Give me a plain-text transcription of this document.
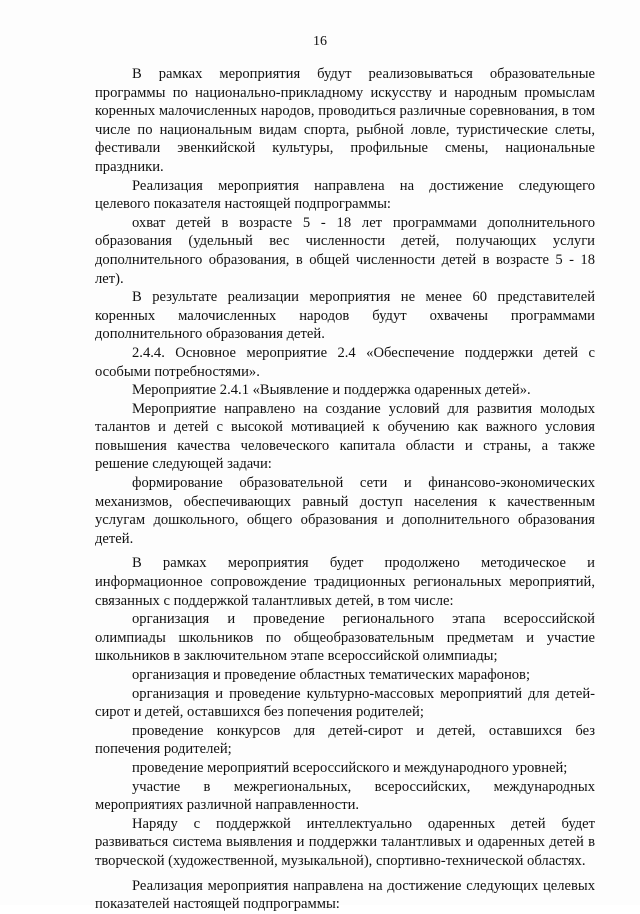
16

В рамках мероприятия будут реализовываться образовательные программы по национально-прикладному искусству и народным промыслам коренных малочисленных народов, проводиться различные соревнования, в том числе по национальным видам спорта, рыбной ловле, туристические слеты, фестивали эвенкийской культуры, профильные смены, национальные праздники.

Реализация мероприятия направлена на достижение следующего целевого показателя настоящей подпрограммы:

охват детей в возрасте 5 - 18 лет программами дополнительного образования (удельный вес численности детей, получающих услуги дополнительного образования, в общей численности детей в возрасте 5 - 18 лет).

В результате реализации мероприятия не менее 60 представителей коренных малочисленных народов будут охвачены программами дополнительного образования детей.

2.4.4. Основное мероприятие 2.4 «Обеспечение поддержки детей с особыми потребностями».

Мероприятие 2.4.1 «Выявление и поддержка одаренных детей».

Мероприятие направлено на создание условий для развития молодых талантов и детей с высокой мотивацией к обучению как важного условия повышения качества человеческого капитала области и страны, а также решение следующей задачи:

формирование образовательной сети и финансово-экономических механизмов, обеспечивающих равный доступ населения к качественным услугам дошкольного, общего образования и дополнительного образования детей.

В рамках мероприятия будет продолжено методическое и информационное сопровождение традиционных региональных мероприятий, связанных с поддержкой талантливых детей, в том числе:

организация и проведение регионального этапа всероссийской олимпиады школьников по общеобразовательным предметам и участие школьников в заключительном этапе всероссийской олимпиады;

организация и проведение областных тематических марафонов;

организация и проведение культурно-массовых мероприятий для детей-сирот и детей, оставшихся без попечения родителей;

проведение конкурсов для детей-сирот и детей, оставшихся без попечения родителей;

проведение мероприятий всероссийского и международного уровней;

участие в межрегиональных, всероссийских, международных мероприятиях различной направленности.

Наряду с поддержкой интеллектуально одаренных детей будет развиваться система выявления и поддержки талантливых и одаренных детей в творческой (художественной, музыкальной), спортивно-технической областях.

Реализация мероприятия направлена на достижение следующих целевых показателей настоящей подпрограммы:
